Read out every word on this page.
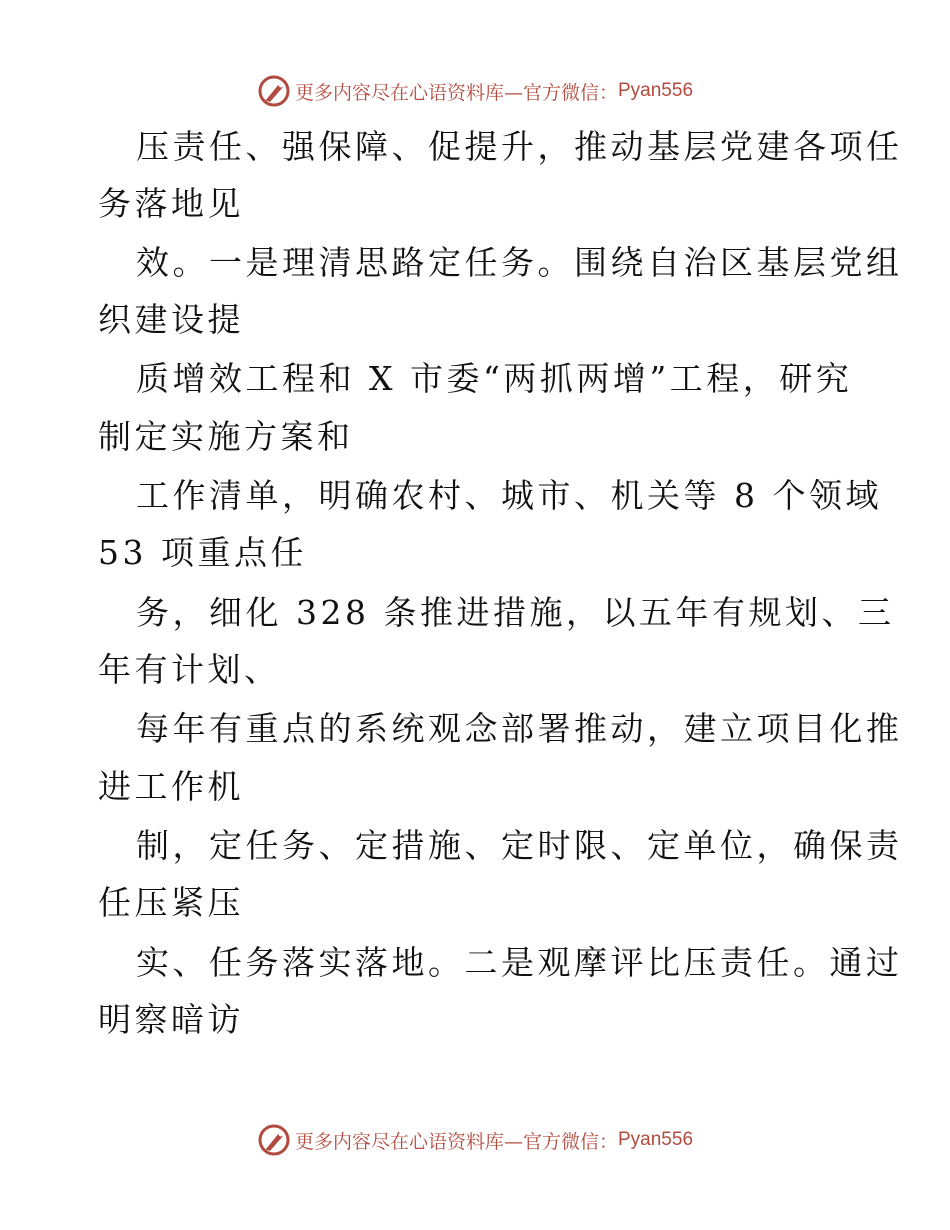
更多内容尽在心语资料库—官方微信： Pyan556
压责任、强保障、促提升，推动基层党建各项任
务落地见
效。一是理清思路定任务。围绕自治区基层党组
织建设提
质增效工程和 X 市委“两抓两增”工程，研究
制定实施方案和
工作清单，明确农村、城市、机关等 8 个领域
53 项重点任
务，细化 328 条推进措施，以五年有规划、三
年有计划、
每年有重点的系统观念部署推动，建立项目化推
进工作机
制，定任务、定措施、定时限、定单位，确保责
任压紧压
实、任务落实落地。二是观摩评比压责任。通过
明察暗访
更多内容尽在心语资料库—官方微信： Pyan556
